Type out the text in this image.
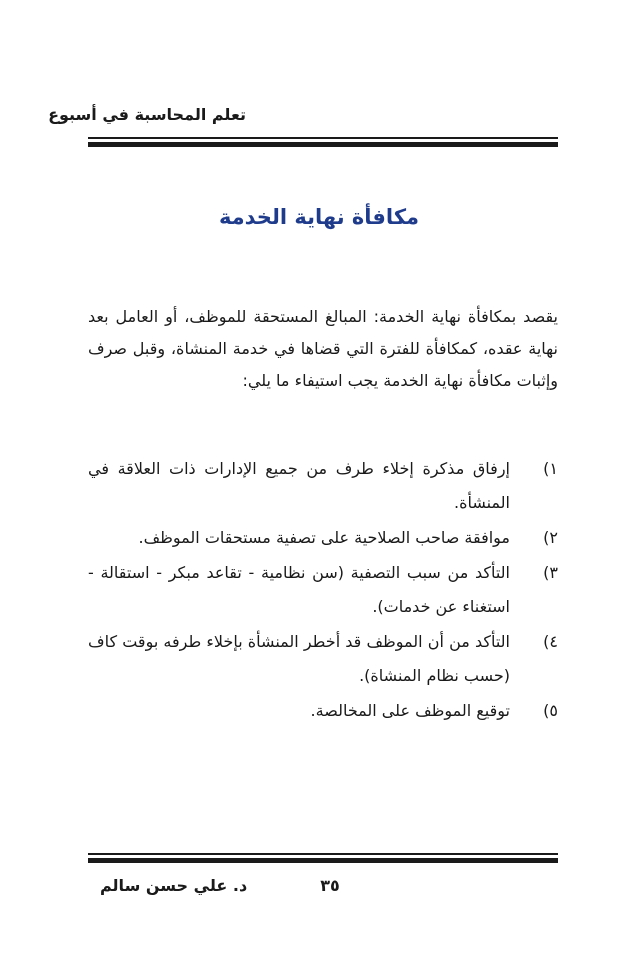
تعلم المحاسبة في أسبوع
مكافأة نهاية الخدمة

يقصد بمكافأة نهاية الخدمة: المبالغ المستحقة للموظف، أو العامل بعد نهاية عقده، كمكافأة للفترة التي قضاها في خدمة المنشاة، وقبل صرف وإثبات مكافأة نهاية الخدمة يجب استيفاء ما يلي:

١)
إرفاق مذكرة إخلاء طرف من جميع الإدارات ذات العلاقة في المنشأة.
٢)
موافقة صاحب الصلاحية على تصفية مستحقات الموظف.
٣)
التأكد من سبب التصفية (سن نظامية - تقاعد مبكر - استقالة - استغناء عن خدمات).
٤)
التأكد من أن الموظف قد أخطر المنشأة بإخلاء طرفه بوقت كاف (حسب نظام المنشاة).
٥)
توقيع الموظف على المخالصة.
٣٥
د. علي حسن سالم
